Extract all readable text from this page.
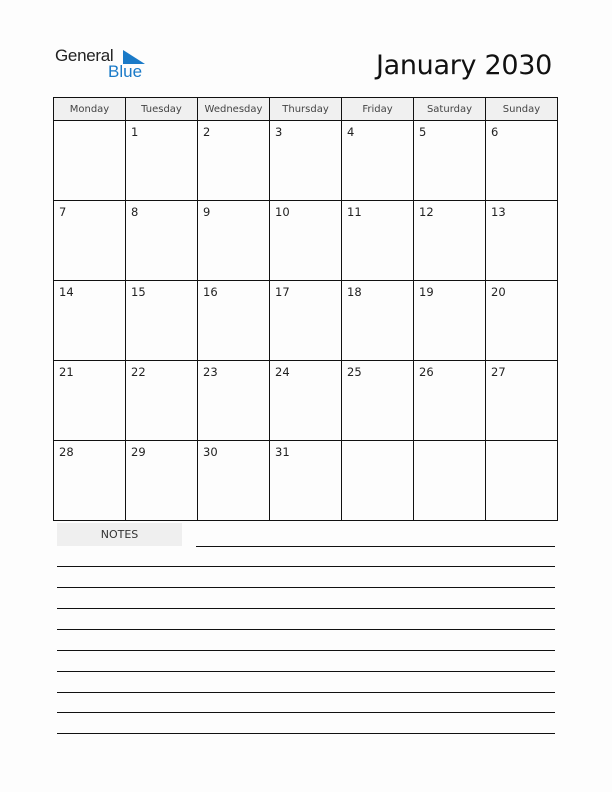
General
Blue	January 2030
Monday	Tuesday	Wednesday	Thursday	Friday	Saturday	Sunday
	1	2	3	4	5	6
7	8	9	10	11	12	13
14	15	16	17	18	19	20
21	22	23	24	25	26	27
28	29	30	31			
NOTES
